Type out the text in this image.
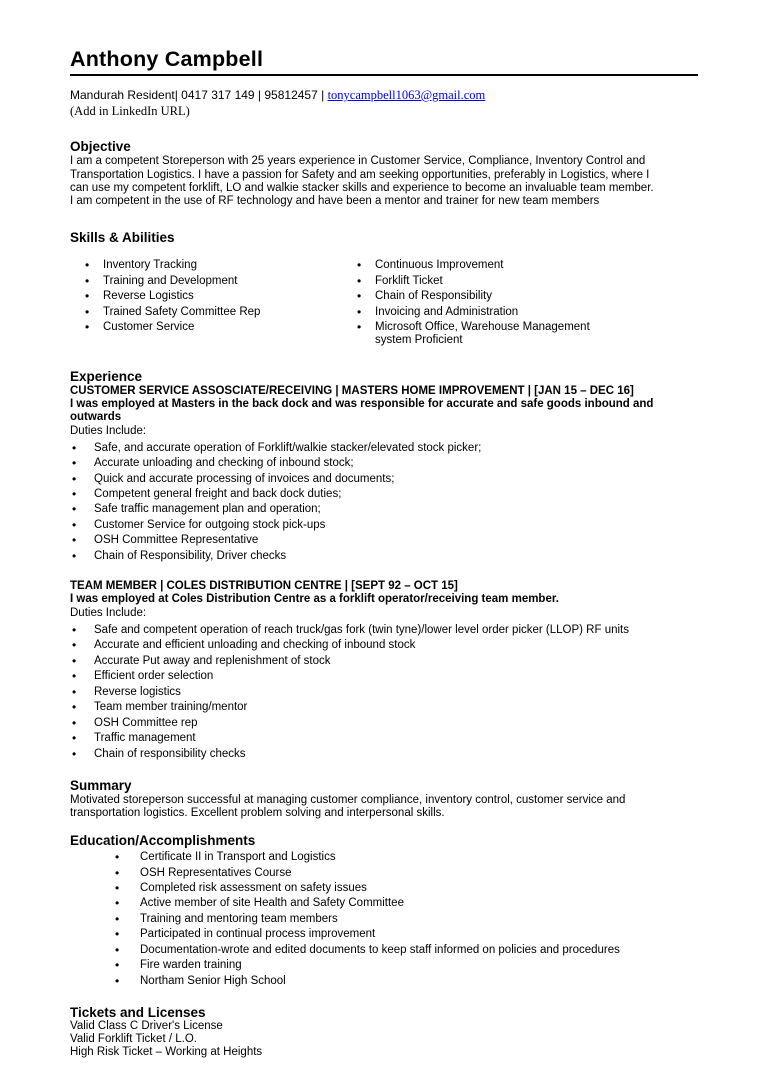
Anthony Campbell
Mandurah Resident| 0417 317 149 | 95812457 | tonycampbell1063@gmail.com
(Add in LinkedIn URL)
Objective

I am a competent Storeperson with 25 years experience in Customer Service, Compliance, Inventory Control and Transportation Logistics. I have a passion for Safety and am seeking opportunities, preferably in Logistics, where I can use my competent forklift, LO and walkie stacker skills and experience to become an invaluable team member. I am competent in the use of RF technology and have been a mentor and trainer for new team members

Skills & Abilities
• Inventory Tracking
• Training and Development
• Reverse Logistics
• Trained Safety Committee Rep
• Customer Service
• Continuous Improvement
• Forklift Ticket
• Chain of Responsibility
• Invoicing and Administration
• Microsoft Office, Warehouse Management system Proficient
Experience

CUSTOMER SERVICE ASSOSCIATE/RECEIVING | MASTERS HOME IMPROVEMENT | [JAN 15 – DEC 16]

I was employed at Masters in the back dock and was responsible for accurate and safe goods inbound and outwards

Duties Include:

• Safe, and accurate operation of Forklift/walkie stacker/elevated stock picker;
• Accurate unloading and checking of inbound stock;
• Quick and accurate processing of invoices and documents;
• Competent general freight and back dock duties;
• Safe traffic management plan and operation;
• Customer Service for outgoing stock pick-ups
• OSH Committee Representative
• Chain of Responsibility, Driver checks

TEAM MEMBER | COLES DISTRIBUTION CENTRE | [SEPT 92 – OCT 15]

I was employed at Coles Distribution Centre as a forklift operator/receiving team member.

Duties Include:

• Safe and competent operation of reach truck/gas fork (twin tyne)/lower level order picker (LLOP) RF units
• Accurate and efficient unloading and checking of inbound stock
• Accurate Put away and replenishment of stock
• Efficient order selection
• Reverse logistics
• Team member training/mentor
• OSH Committee rep
• Traffic management
• Chain of responsibility checks
Summary

Motivated storeperson successful at managing customer compliance, inventory control, customer service and transportation logistics. Excellent problem solving and interpersonal skills.

Education/Accomplishments
• Certificate II in Transport and Logistics
• OSH Representatives Course
• Completed risk assessment on safety issues
• Active member of site Health and Safety Committee
• Training and mentoring team members
• Participated in continual process improvement
• Documentation-wrote and edited documents to keep staff informed on policies and procedures
• Fire warden training
• Northam Senior High School
Tickets and Licenses

Valid Class C Driver's License

Valid Forklift Ticket / L.O.

High Risk Ticket – Working at Heights
